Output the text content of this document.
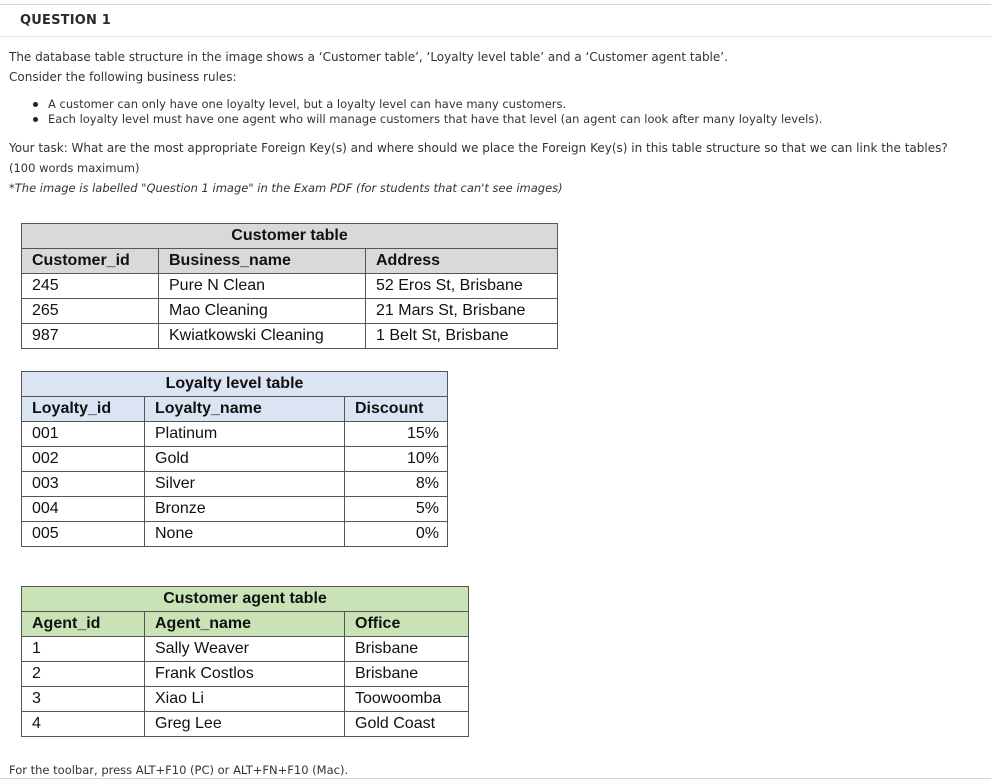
QUESTION 1
The database table structure in the image shows a ‘Customer table’, ‘Loyalty level table’ and a ‘Customer agent table’.
Consider the following business rules:
A customer can only have one loyalty level, but a loyalty level can have many customers.
Each loyalty level must have one agent who will manage customers that have that level (an agent can look after many loyalty levels).
Your task: What are the most appropriate Foreign Key(s) and where should we place the Foreign Key(s) in this table structure so that we can link the tables?
(100 words maximum)
*The image is labelled "Question 1 image" in the Exam PDF (for students that can't see images)
Customer table		
Customer_id	Business_name	Address
245	Pure N Clean	52 Eros St, Brisbane
265	Mao Cleaning	21 Mars St, Brisbane
987	Kwiatkowski Cleaning	1 Belt St, Brisbane
Loyalty level table		
Loyalty_id	Loyalty_name	Discount
001	Platinum	15%
002	Gold	10%
003	Silver	8%
004	Bronze	5%
005	None	0%
Customer agent table		
Agent_id	Agent_name	Office
1	Sally Weaver	Brisbane
2	Frank Costlos	Brisbane
3	Xiao Li	Toowoomba
4	Greg Lee	Gold Coast
For the toolbar, press ALT+F10 (PC) or ALT+FN+F10 (Mac).
